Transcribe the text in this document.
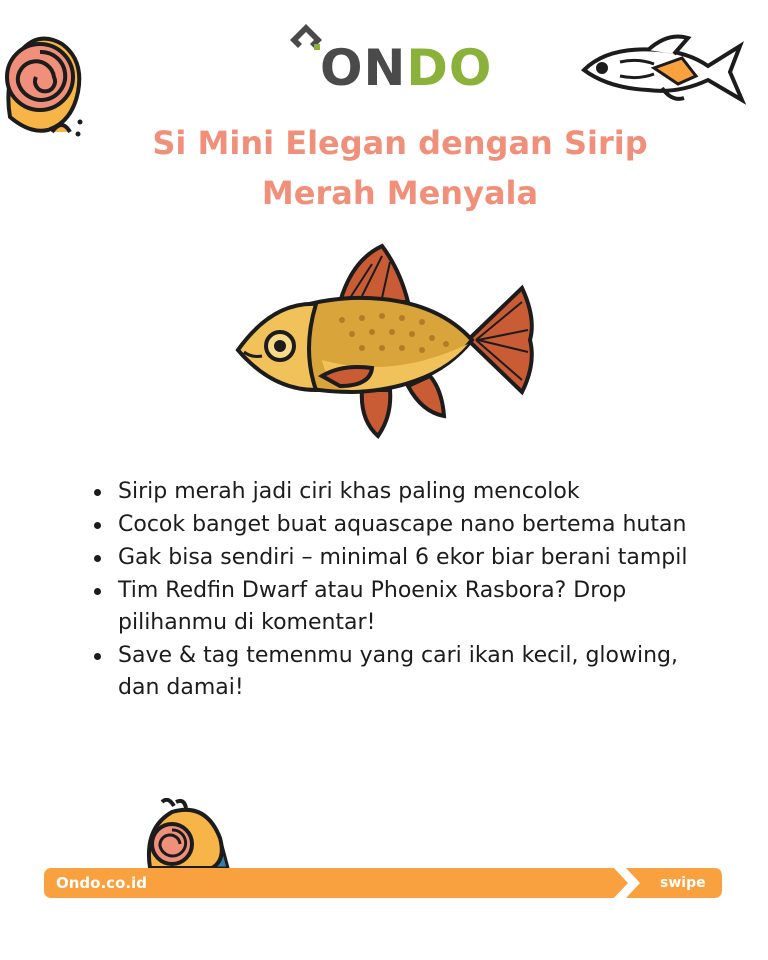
ONDO
Si Mini Elegan dengan Sirip
Merah Menyala
Sirip merah jadi ciri khas paling mencolok
Cocok banget buat aquascape nano bertema hutan
Gak bisa sendiri – minimal 6 ekor biar berani tampil
Tim Redfin Dwarf atau Phoenix Rasbora? Drop pilihanmu di komentar!
Save & tag temenmu yang cari ikan kecil, glowing, dan damai!
Ondo.co.id	swipe
